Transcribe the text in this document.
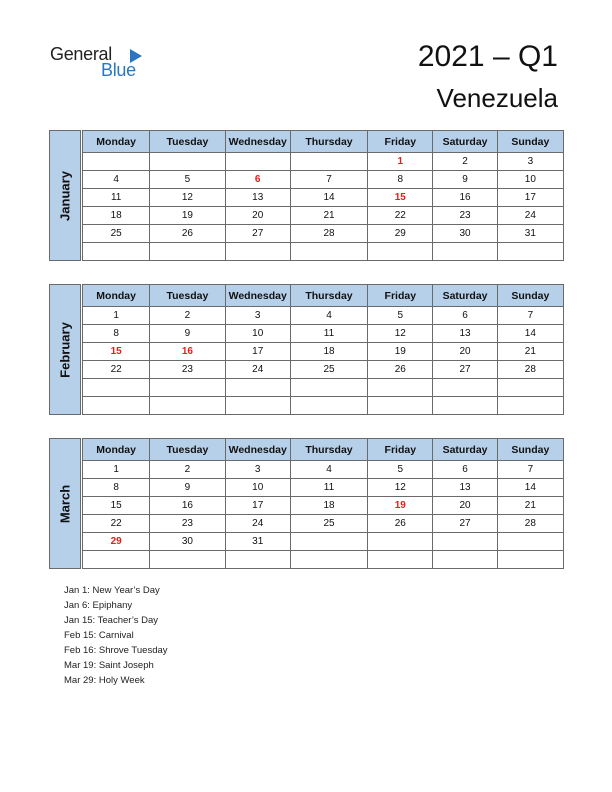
General
Blue	2021 – Q1
Venezuela
Monday	Tuesday	Wednesday	Thursday	Friday	Saturday	Sunday
				1	2	3
4	5	6	7	8	9	10
11	12	13	14	15	16	17
18	19	20	21	22	23	24
25	26	27	28	29	30	31

January
Monday	Tuesday	Wednesday	Thursday	Friday	Saturday	Sunday
1	2	3	4	5	6	7
8	9	10	11	12	13	14
15	16	17	18	19	20	21
22	23	24	25	26	27	28

February
Monday	Tuesday	Wednesday	Thursday	Friday	Saturday	Sunday
1	2	3	4	5	6	7
8	9	10	11	12	13	14
15	16	17	18	19	20	21
22	23	24	25	26	27	28
29	30	31				

March
Jan 1: New Year’s Day
Jan 6: Epiphany
Jan 15: Teacher’s Day
Feb 15: Carnival
Feb 16: Shrove Tuesday
Mar 19: Saint Joseph
Mar 29: Holy Week
